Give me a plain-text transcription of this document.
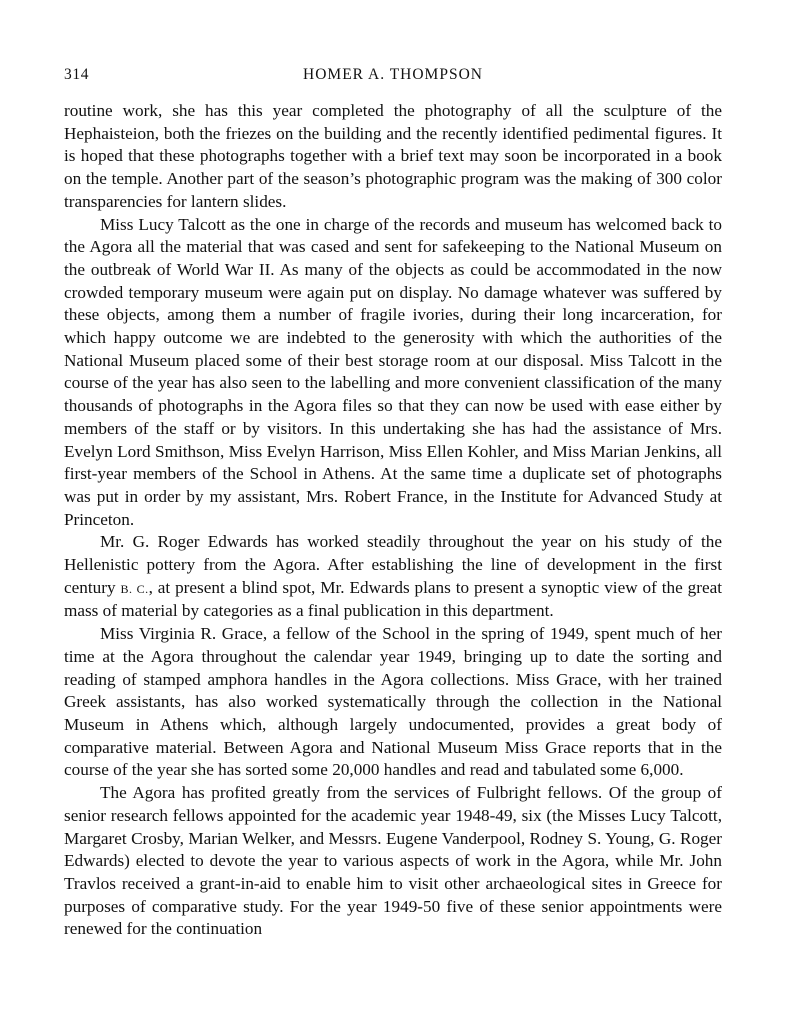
314	HOMER A. THOMPSON

routine work, she has this year completed the photography of all the sculpture of the Hephaisteion, both the friezes on the building and the recently identified pedimental figures. It is hoped that these photographs together with a brief text may soon be incorporated in a book on the temple. Another part of the season’s photographic program was the making of 300 color transparencies for lantern slides.

Miss Lucy Talcott as the one in charge of the records and museum has welcomed back to the Agora all the material that was cased and sent for safekeeping to the National Museum on the outbreak of World War II. As many of the objects as could be accommodated in the now crowded temporary museum were again put on display. No damage whatever was suffered by these objects, among them a number of fragile ivories, during their long incarceration, for which happy outcome we are indebted to the generosity with which the authorities of the National Museum placed some of their best storage room at our disposal. Miss Talcott in the course of the year has also seen to the labelling and more convenient classification of the many thousands of photographs in the Agora files so that they can now be used with ease either by members of the staff or by visitors. In this undertaking she has had the assistance of Mrs. Evelyn Lord Smithson, Miss Evelyn Harrison, Miss Ellen Kohler, and Miss Marian Jenkins, all first-year members of the School in Athens. At the same time a duplicate set of photographs was put in order by my assistant, Mrs. Robert France, in the Institute for Advanced Study at Princeton.

Mr. G. Roger Edwards has worked steadily throughout the year on his study of the Hellenistic pottery from the Agora. After establishing the line of development in the first century B. C., at present a blind spot, Mr. Edwards plans to present a synoptic view of the great mass of material by categories as a final publication in this department.

Miss Virginia R. Grace, a fellow of the School in the spring of 1949, spent much of her time at the Agora throughout the calendar year 1949, bringing up to date the sorting and reading of stamped amphora handles in the Agora collections. Miss Grace, with her trained Greek assistants, has also worked systematically through the collection in the National Museum in Athens which, although largely undocumented, provides a great body of comparative material. Between Agora and National Museum Miss Grace reports that in the course of the year she has sorted some 20,000 handles and read and tabulated some 6,000.

The Agora has profited greatly from the services of Fulbright fellows. Of the group of senior research fellows appointed for the academic year 1948-49, six (the Misses Lucy Talcott, Margaret Crosby, Marian Welker, and Messrs. Eugene Vanderpool, Rodney S. Young, G. Roger Edwards) elected to devote the year to various aspects of work in the Agora, while Mr. John Travlos received a grant-in-aid to enable him to visit other archaeological sites in Greece for purposes of comparative study. For the year 1949-50 five of these senior appointments were renewed for the continuation
